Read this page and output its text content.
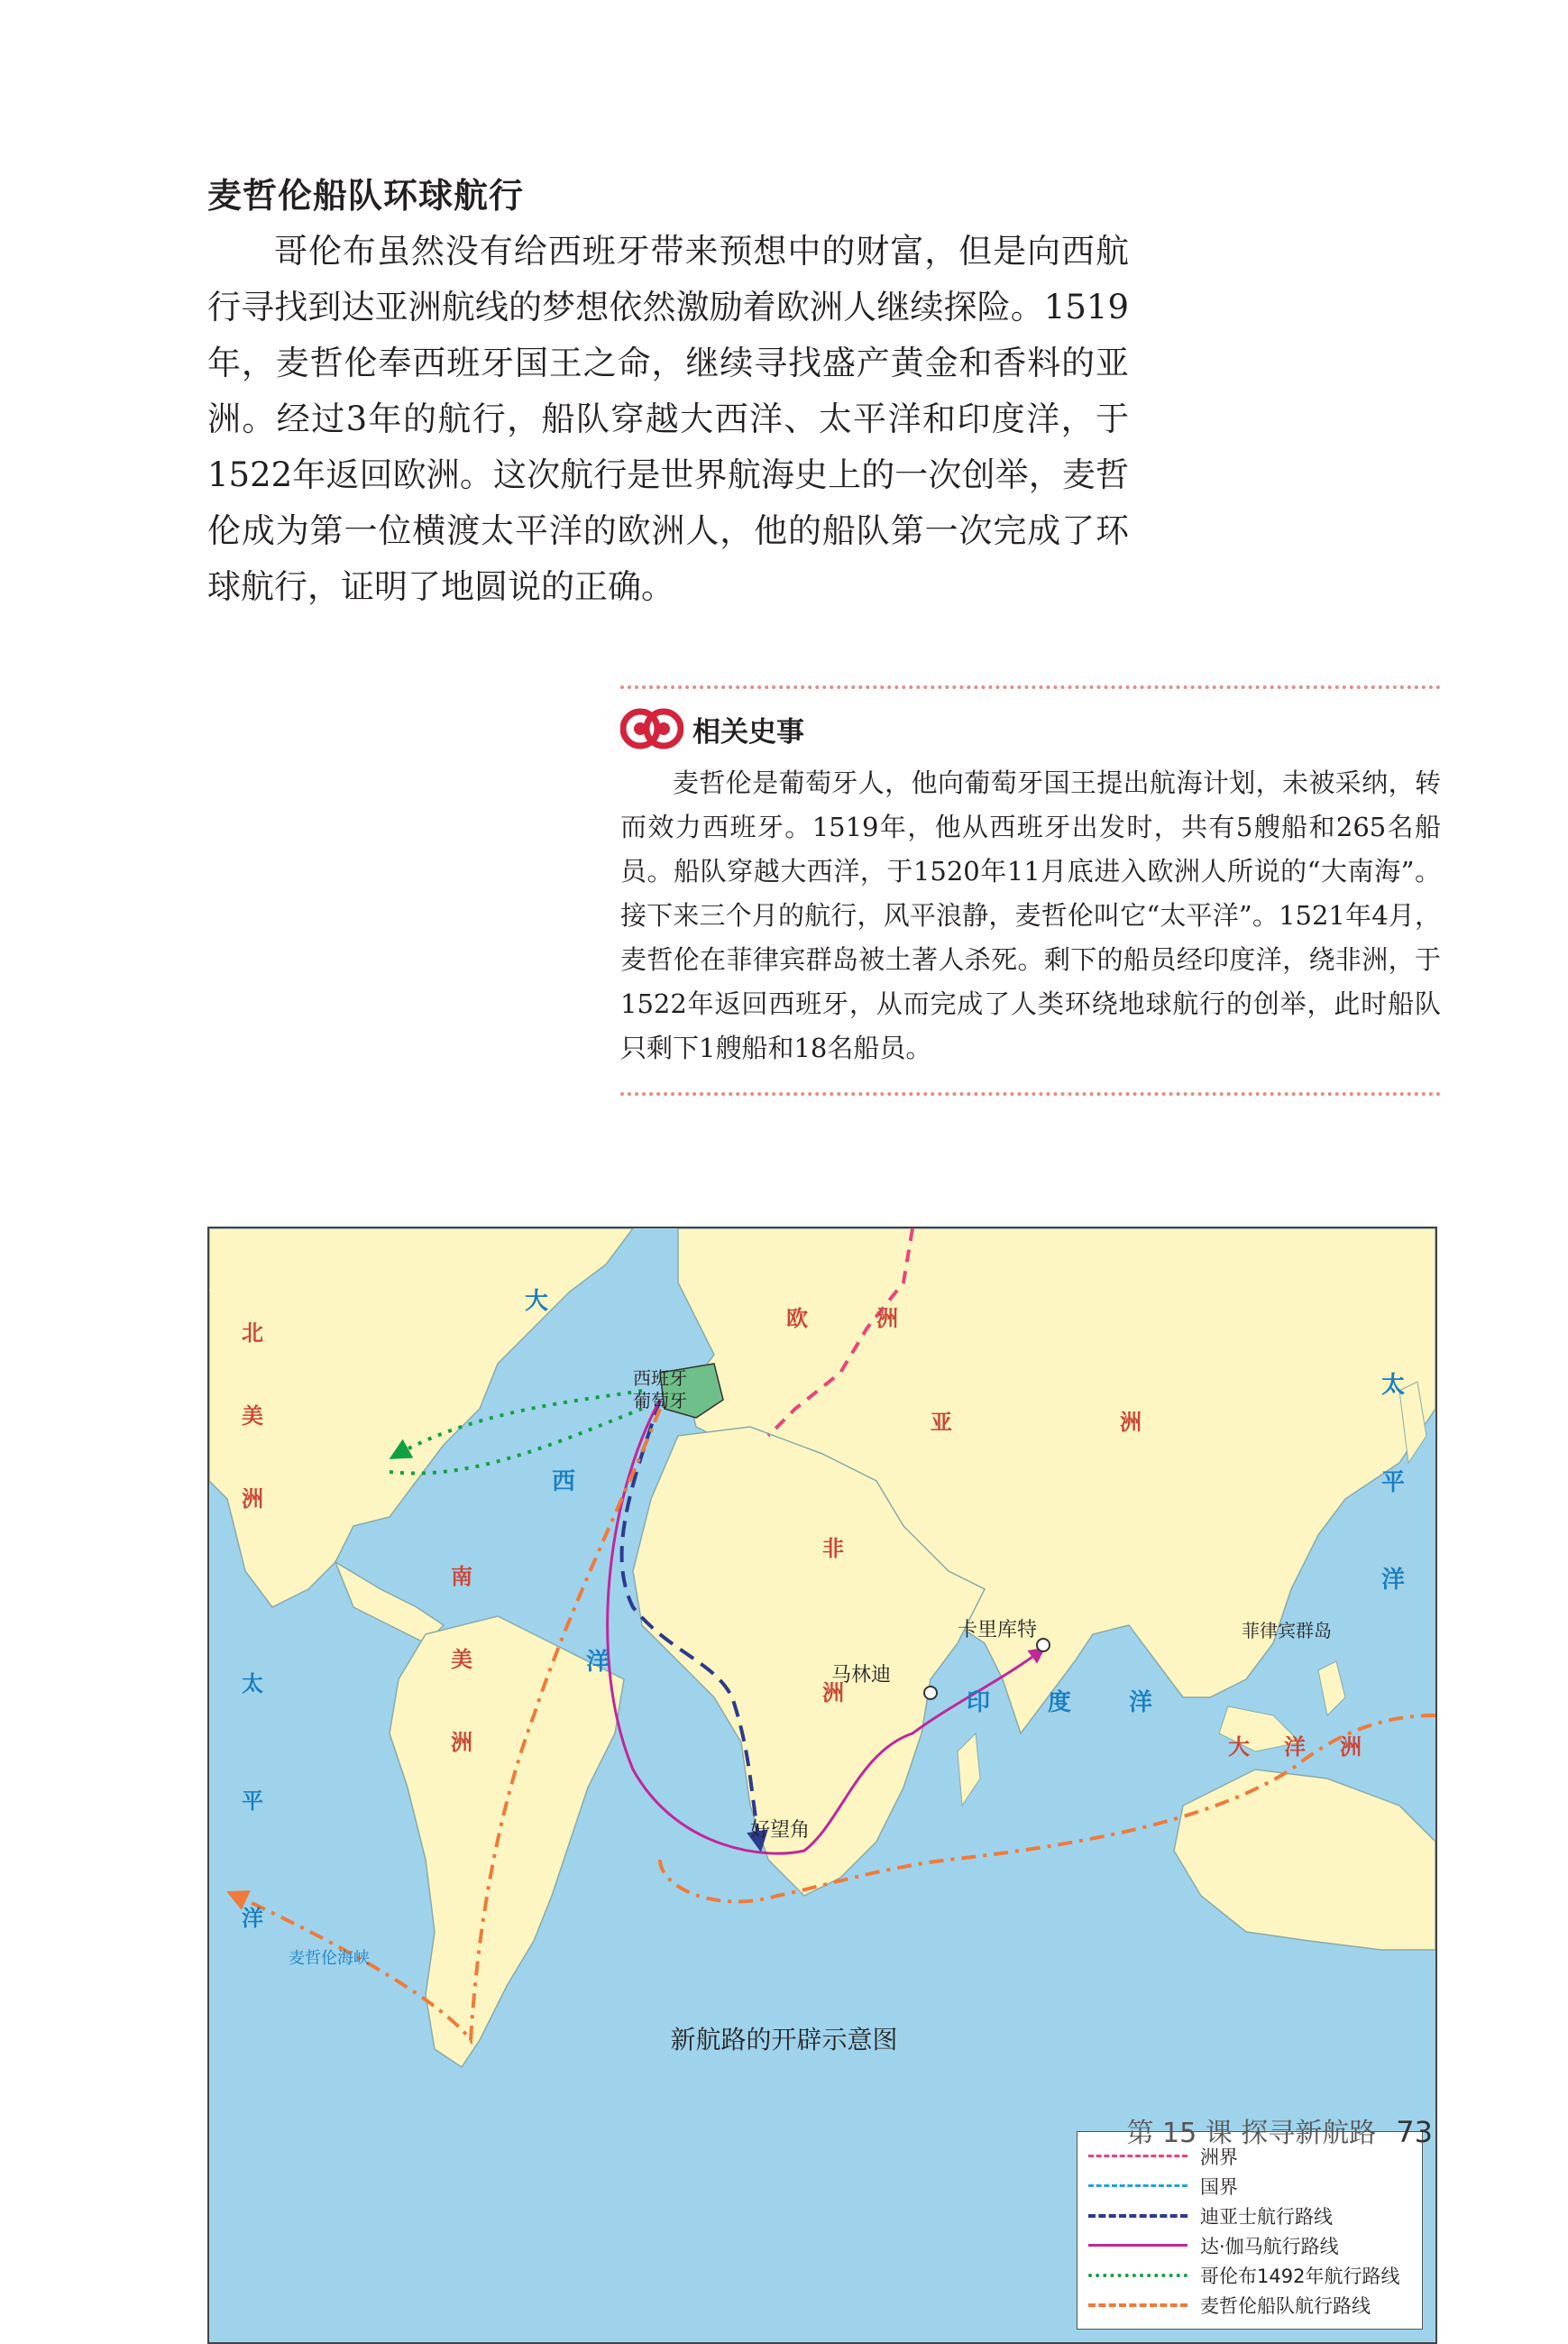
麦哲伦船队环球航行

哥伦布虽然没有给西班牙带来预想中的财富，但是向西航行寻找到达亚洲航线的梦想依然激励着欧洲人继续探险。1519年，麦哲伦奉西班牙国王之命，继续寻找盛产黄金和香料的亚洲。经过3年的航行，船队穿越大西洋、太平洋和印度洋，于1522年返回欧洲。这次航行是世界航海史上的一次创举，麦哲伦成为第一位横渡太平洋的欧洲人，他的船队第一次完成了环球航行，证明了地圆说的正确。

相关史事

麦哲伦是葡萄牙人，他向葡萄牙国王提出航海计划，未被采纳，转而效力西班牙。1519年，他从西班牙出发时，共有5艘船和265名船员。船队穿越大西洋，于1520年11月底进入欧洲人所说的“大南海”。接下来三个月的航行，风平浪静，麦哲伦叫它“太平洋”。1521年4月，麦哲伦在菲律宾群岛被土著人杀死。剩下的船员经印度洋，绕非洲，于1522年返回西班牙，从而完成了人类环绕地球航行的创举，此时船队只剩下1艘船和18名船员。

北
美
洲
南
美
洲
太
平
洋
大
西
洋
欧	洲
亚	洲
非
洲	印 度 洋
太
平
洋
大洋洲
西班牙
葡萄牙
卡里库特
马林迪
好望角
菲律宾群岛
麦哲伦海峡
洲界
国界
迪亚士航行路线
达·伽马航行路线
哥伦布1492年航行路线
麦哲伦船队航行路线
新航路的开辟示意图
第 15 课 探寻新航路 73
